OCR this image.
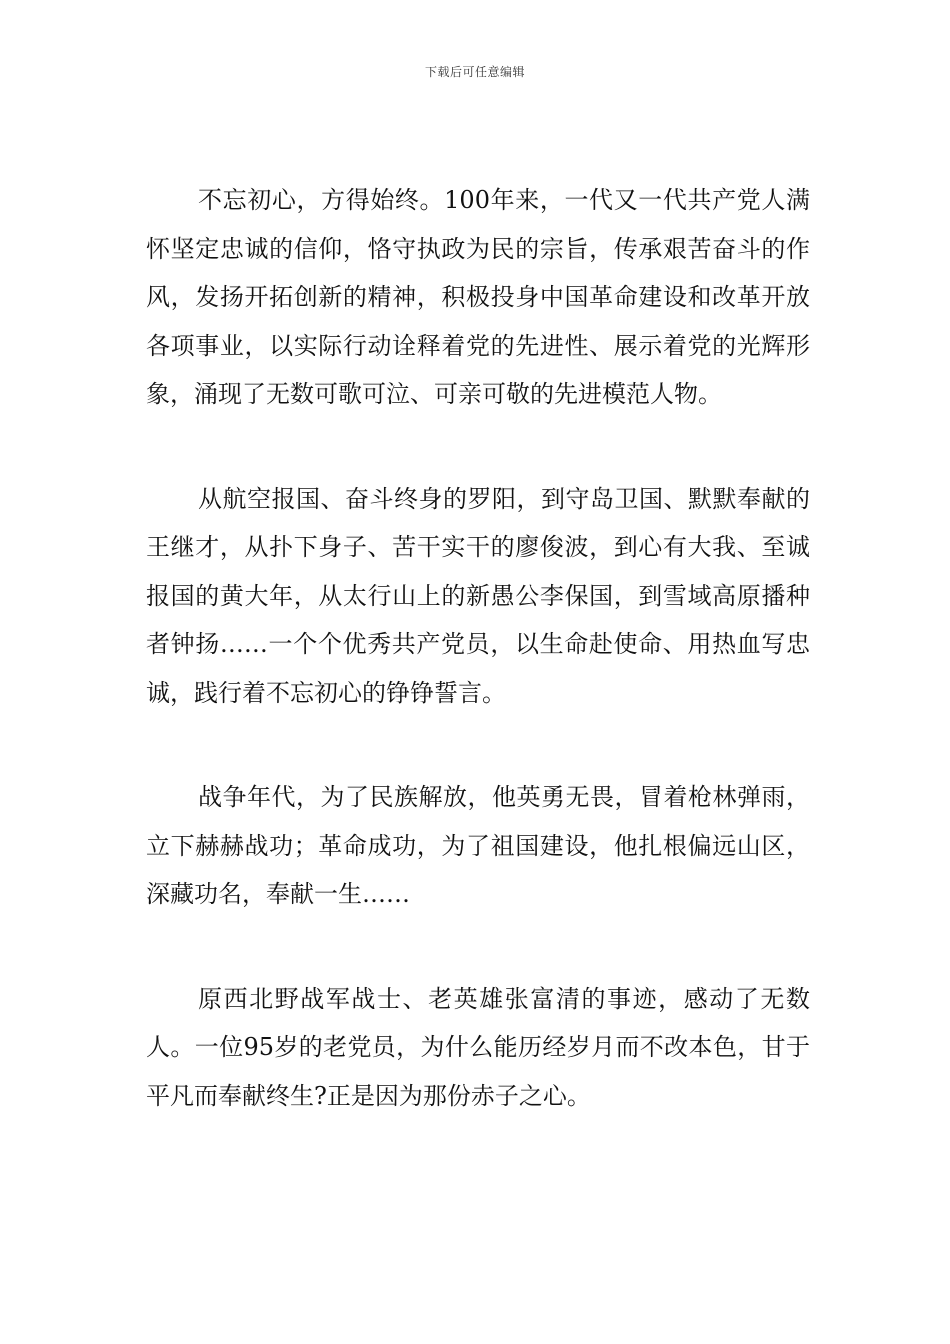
下载后可任意编辑

不忘初心，方得始终。100年来，一代又一代共产党人满怀坚定忠诚的信仰，恪守执政为民的宗旨，传承艰苦奋斗的作风，发扬开拓创新的精神，积极投身中国革命建设和改革开放各项事业，以实际行动诠释着党的先进性、展示着党的光辉形象，涌现了无数可歌可泣、可亲可敬的先进模范人物。

从航空报国、奋斗终身的罗阳，到守岛卫国、默默奉献的王继才，从扑下身子、苦干实干的廖俊波，到心有大我、至诚报国的黄大年，从太行山上的新愚公李保国，到雪域高原播种者钟扬……一个个优秀共产党员，以生命赴使命、用热血写忠诚，践行着不忘初心的铮铮誓言。

战争年代，为了民族解放，他英勇无畏，冒着枪林弹雨，立下赫赫战功；革命成功，为了祖国建设，他扎根偏远山区，深藏功名，奉献一生……

原西北野战军战士、老英雄张富清的事迹，感动了无数人。一位95岁的老党员，为什么能历经岁月而不改本色，甘于平凡而奉献终生?正是因为那份赤子之心。
